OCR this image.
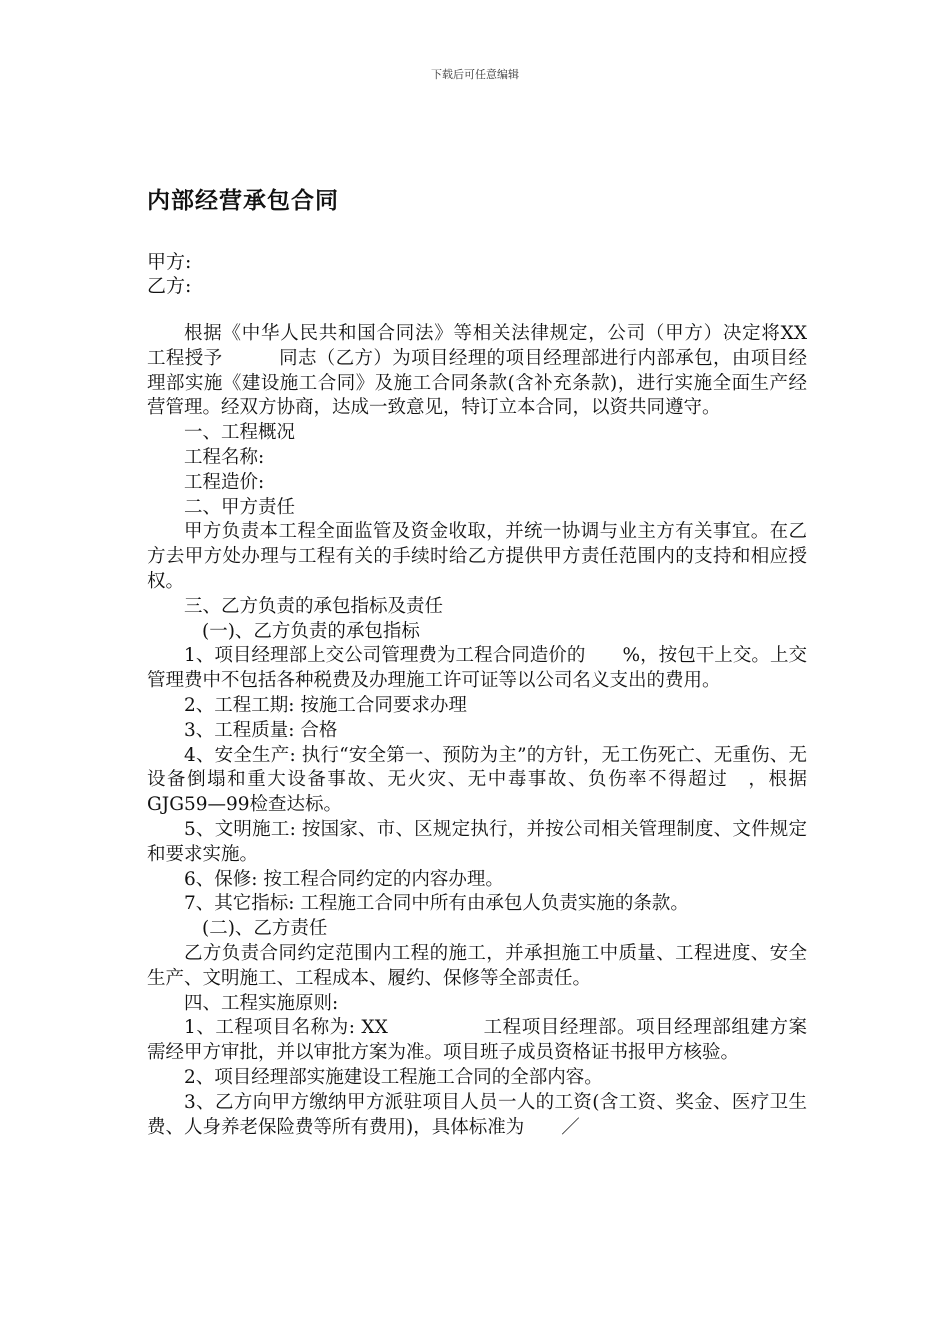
下载后可任意编辑
内部经营承包合同
甲方:
乙方:

根据《中华人民共和国合同法》等相关法律规定，公司（甲方）决定将XX　　　　工程授予　　　同志（乙方）为项目经理的项目经理部进行内部承包，由项目经理部实施《建设施工合同》及施工合同条款(含补充条款)，进行实施全面生产经营管理。经双方协商，达成一致意见，特订立本合同，以资共同遵守。

一、工程概况

工程名称:

工程造价:

二、甲方责任

甲方负责本工程全面监管及资金收取，并统一协调与业主方有关事宜。在乙方去甲方处办理与工程有关的手续时给乙方提供甲方责任范围内的支持和相应授权。

三、乙方负责的承包指标及责任

(一)、乙方负责的承包指标

1、项目经理部上交公司管理费为工程合同造价的　　%，按包干上交。上交管理费中不包括各种税费及办理施工许可证等以公司名义支出的费用。

2、工程工期: 按施工合同要求办理

3、工程质量: 合格

4、安全生产: 执行“安全第一、预防为主”的方针，无工伤死亡、无重伤、无设备倒塌和重大设备事故、无火灾、无中毒事故、负伤率不得超过　，根据GJG59—99检查达标。

5、文明施工: 按国家、市、区规定执行，并按公司相关管理制度、文件规定和要求实施。

6、保修: 按工程合同约定的内容办理。

7、其它指标: 工程施工合同中所有由承包人负责实施的条款。

(二)、乙方责任

乙方负责合同约定范围内工程的施工，并承担施工中质量、工程进度、安全生产、文明施工、工程成本、履约、保修等全部责任。

四、工程实施原则:

1、工程项目名称为: XX　　　　　工程项目经理部。项目经理部组建方案需经甲方审批，并以审批方案为准。项目班子成员资格证书报甲方核验。

2、项目经理部实施建设工程施工合同的全部内容。

3、乙方向甲方缴纳甲方派驻项目人员一人的工资(含工资、奖金、医疗卫生费、人身养老保险费等所有费用)，具体标准为　　／
